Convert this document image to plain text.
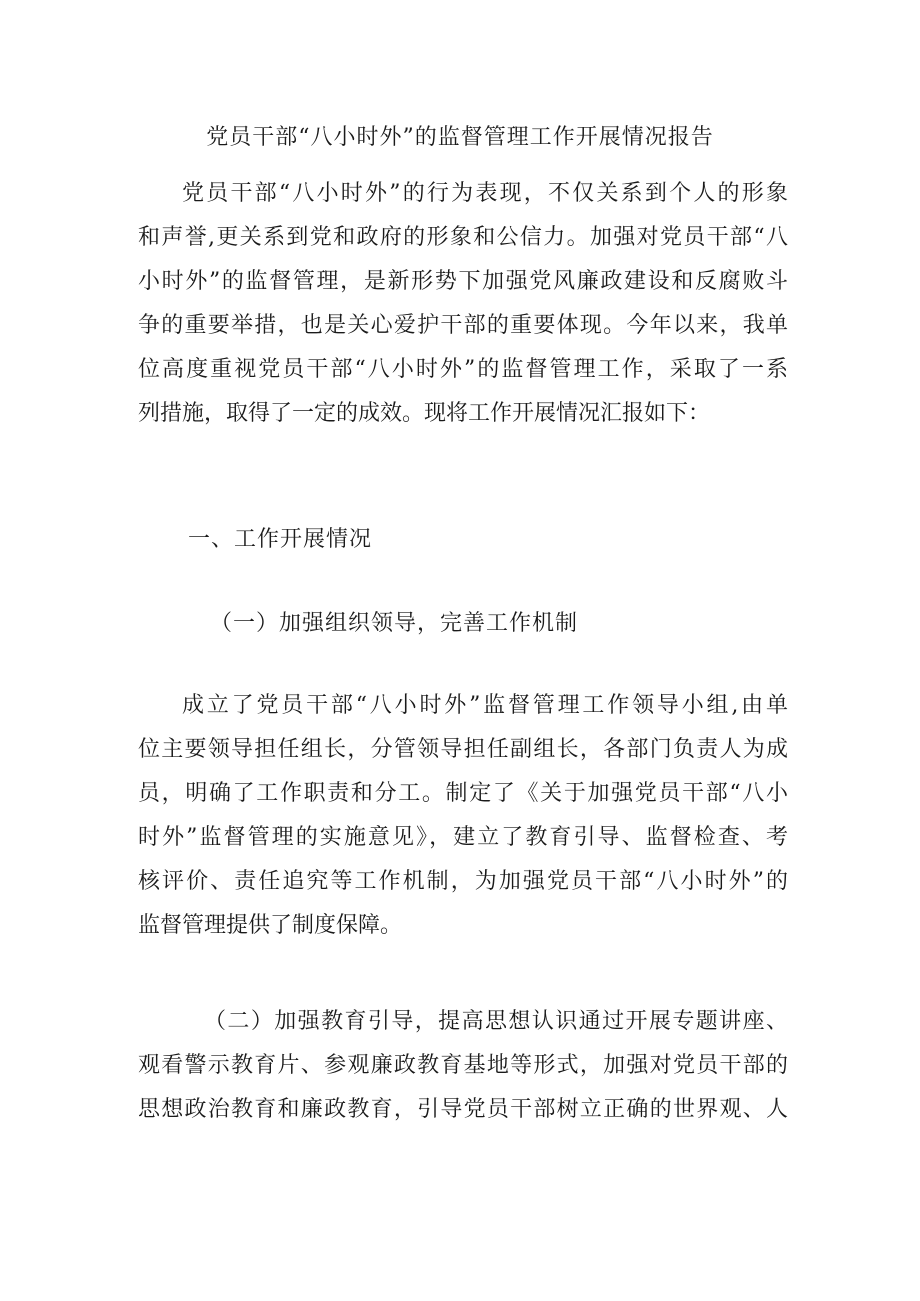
党员干部“八小时外”的监督管理工作开展情况报告
党员干部“八小时外”的行为表现，不仅关系到个人的形象
和声誉,更关系到党和政府的形象和公信力。加强对党员干部“八
小时外”的监督管理，是新形势下加强党风廉政建设和反腐败斗
争的重要举措，也是关心爱护干部的重要体现。今年以来，我单
位高度重视党员干部“八小时外”的监督管理工作，采取了一系
列措施，取得了一定的成效。现将工作开展情况汇报如下：
一、工作开展情况
（一）加强组织领导，完善工作机制
成立了党员干部“八小时外”监督管理工作领导小组,由单
位主要领导担任组长，分管领导担任副组长，各部门负责人为成
员，明确了工作职责和分工。制定了《关于加强党员干部“八小
时外”监督管理的实施意见》，建立了教育引导、监督检查、考
核评价、责任追究等工作机制，为加强党员干部“八小时外”的
监督管理提供了制度保障。
（二）加强教育引导，提高思想认识通过开展专题讲座、
观看警示教育片、参观廉政教育基地等形式，加强对党员干部的
思想政治教育和廉政教育，引导党员干部树立正确的世界观、人
